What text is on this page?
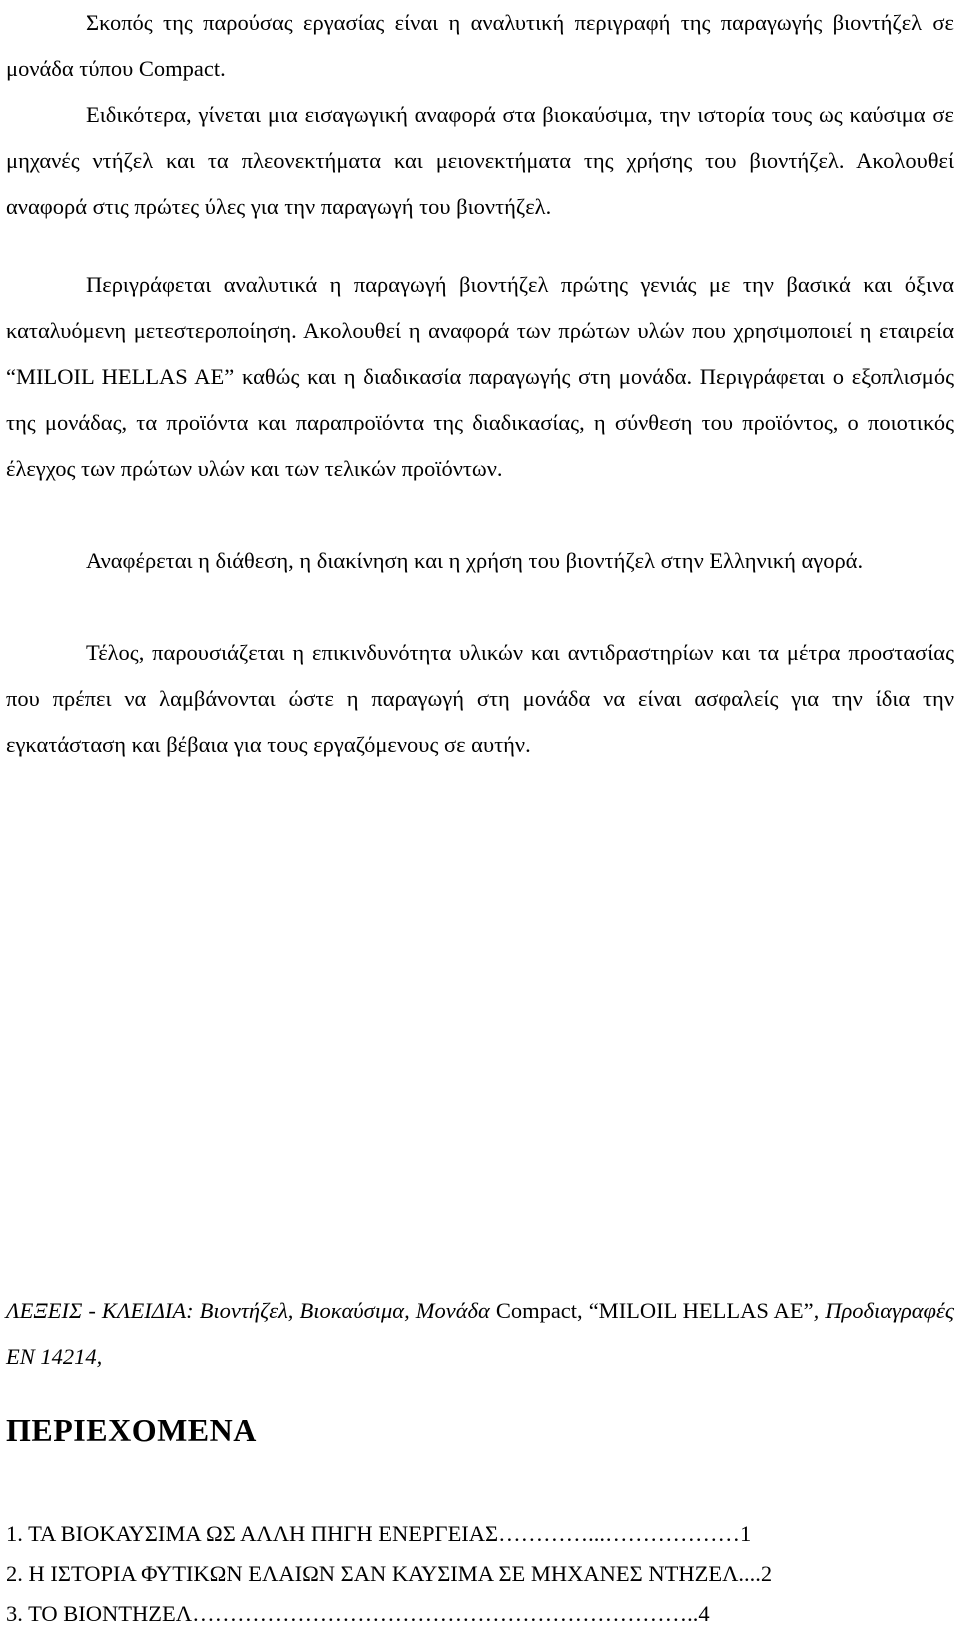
Σκοπός της παρούσας εργασίας είναι η αναλυτική περιγραφή της παραγωγής βιοντήζελ σε μονάδα τύπου Compact.

Ειδικότερα, γίνεται μια εισαγωγική αναφορά στα βιοκαύσιμα, την ιστορία τους ως καύσιμα σε μηχανές ντήζελ και τα πλεονεκτήματα και μειονεκτήματα της χρήσης του βιοντήζελ. Ακολουθεί αναφορά στις πρώτες ύλες για την παραγωγή του βιοντήζελ.

Περιγράφεται αναλυτικά η παραγωγή βιοντήζελ πρώτης γενιάς με την βασικά και όξινα καταλυόμενη μετεστεροποίηση. Ακολουθεί η αναφορά των πρώτων υλών που χρησιμοποιεί η εταιρεία “MILOIL HELLAS AE” καθώς και η διαδικασία παραγωγής στη μονάδα. Περιγράφεται ο εξοπλισμός της μονάδας, τα προϊόντα και παραπροϊόντα της διαδικασίας, η σύνθεση του προϊόντος, ο ποιοτικός έλεγχος των πρώτων υλών και των τελικών προϊόντων.

Αναφέρεται η διάθεση, η διακίνηση και η χρήση του βιοντήζελ στην Ελληνική αγορά.

Τέλος, παρουσιάζεται η επικινδυνότητα υλικών και αντιδραστηρίων και τα μέτρα προστασίας που πρέπει να λαμβάνονται ώστε η παραγωγή στη μονάδα να είναι ασφαλείς για την ίδια την εγκατάσταση και βέβαια για τους εργαζόμενους σε αυτήν.

ΛΕΞΕΙΣ - ΚΛΕΙΔΙΑ: Βιοντήζελ, Βιοκαύσιμα, Μονάδα Compact, “MILOIL HELLAS AE”, Προδιαγραφές ΕΝ 14214,

ΠΕΡΙΕΧΟΜΕΝΑ
1. ΤΑ ΒΙΟΚΑΥΣΙΜΑ ΩΣ ΑΛΛΗ ΠΗΓΗ ΕΝΕΡΓΕΙΑΣ…………...………………1
2. Η ΙΣΤΟΡΙΑ ΦΥΤΙΚΩΝ ΕΛΑΙΩΝ ΣΑΝ ΚΑΥΣΙΜΑ ΣΕ ΜΗΧΑΝΕΣ ΝΤΗΖΕΛ....2
3. ΤΟ ΒΙΟΝΤΗΖΕΛ…………………………………………………………..4
